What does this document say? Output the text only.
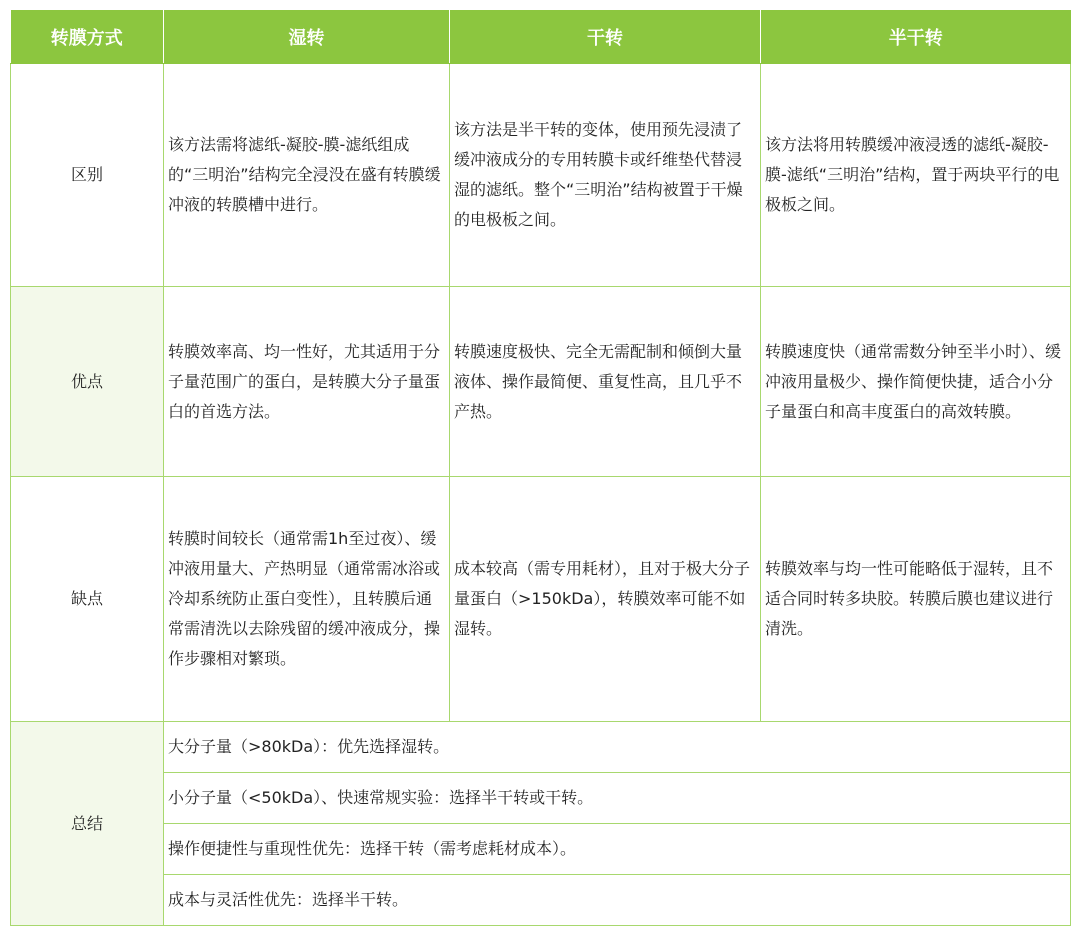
转膜方式	湿转	干转	半干转
区别	该方法需将滤纸-凝胶-膜-滤纸组成的“三明治”结构完全浸没在盛有转膜缓冲液的转膜槽中进行。	该方法是半干转的变体，使用预先浸渍了缓冲液成分的专用转膜卡或纤维垫代替浸湿的滤纸。整个“三明治”结构被置于干燥的电极板之间。	该方法将用转膜缓冲液浸透的滤纸-凝胶-膜-滤纸“三明治”结构，置于两块平行的电极板之间。
优点	转膜效率高、均一性好，尤其适用于分子量范围广的蛋白，是转膜大分子量蛋白的首选方法。	转膜速度极快、完全无需配制和倾倒大量液体、操作最简便、重复性高，且几乎不产热。	转膜速度快（通常需数分钟至半小时）、缓冲液用量极少、操作简便快捷，适合小分子量蛋白和高丰度蛋白的高效转膜。
缺点	转膜时间较长（通常需1h至过夜）、缓冲液用量大、产热明显（通常需冰浴或冷却系统防止蛋白变性），且转膜后通常需清洗以去除残留的缓冲液成分，操作步骤相对繁琐。	成本较高（需专用耗材），且对于极大分子量蛋白（>150kDa），转膜效率可能不如湿转。	转膜效率与均一性可能略低于湿转，且不适合同时转多块胶。转膜后膜也建议进行清洗。
总结	大分子量（>80kDa）：优先选择湿转。		
	小分子量（<50kDa）、快速常规实验：选择半干转或干转。		
	操作便捷性与重现性优先：选择干转（需考虑耗材成本）。		
	成本与灵活性优先：选择半干转。		
